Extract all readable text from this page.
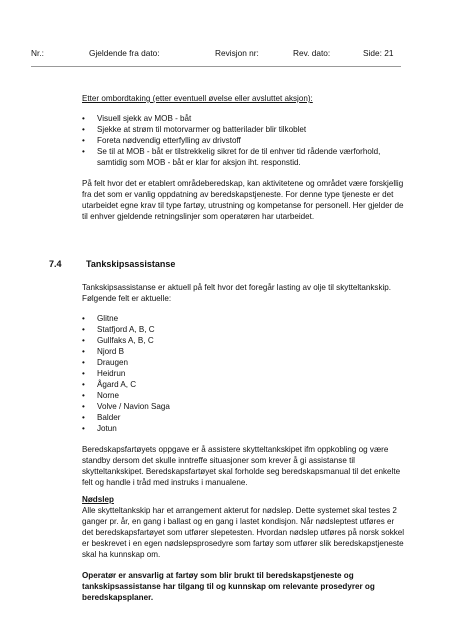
Nr.:	Gjeldende fra dato:	Revisjon nr:	Rev. dato:	Side: 21

Etter ombordtaking (etter eventuell øvelse eller avsluttet aksjon):

• Visuell sjekk av MOB - båt
• Sjekke at strøm til motorvarmer og batterilader blir tilkoblet
• Foreta nødvendig etterfylling av drivstoff
• Se til at MOB - båt er tilstrekkelig sikret for de til enhver tid rådende værforhold, samtidig som MOB - båt er klar for aksjon iht. responstid.

På felt hvor det er etablert områdeberedskap, kan aktivitetene og området være forskjellig fra det som er vanlig oppdatning av beredskapstjeneste. For denne type tjeneste er det utarbeidet egne krav til type fartøy, utrustning og kompetanse for personell. Her gjelder de til enhver gjeldende retningslinjer som operatøren har utarbeidet.

7.4	Tankskipsassistanse

Tankskipsassistanse er aktuell på felt hvor det foregår lasting av olje til skytteltankskip. Følgende felt er aktuelle:

• Glitne
• Statfjord A, B, C
• Gullfaks A, B, C
• Njord B
• Draugen
• Heidrun
• Ågard A, C
• Norne
• Volve / Navion Saga
• Balder
• Jotun

Beredskapsfartøyets oppgave er å assistere skytteltankskipet ifm oppkobling og være standby dersom det skulle inntreffe situasjoner som krever å gi assistanse til skytteltankskipet. Beredskapsfartøyet skal forholde seg beredskapsmanual til det enkelte felt og handle i tråd med instruks i manualene.

Nødslep

Alle skytteltankskip har et arrangement akterut for nødslep. Dette systemet skal testes 2 ganger pr. år, en gang i ballast og en gang i lastet kondisjon. Når nødsleptest utføres er det beredskapsfartøyet som utfører slepetesten. Hvordan nødslep utføres på norsk sokkel er beskrevet i en egen nødslepsprosedyre som fartøy som utfører slik beredskapstjeneste skal ha kunnskap om.

Operatør er ansvarlig at fartøy som blir brukt til beredskapstjeneste og tankskipsassistanse har tilgang til og kunnskap om relevante prosedyrer og beredskapsplaner.
